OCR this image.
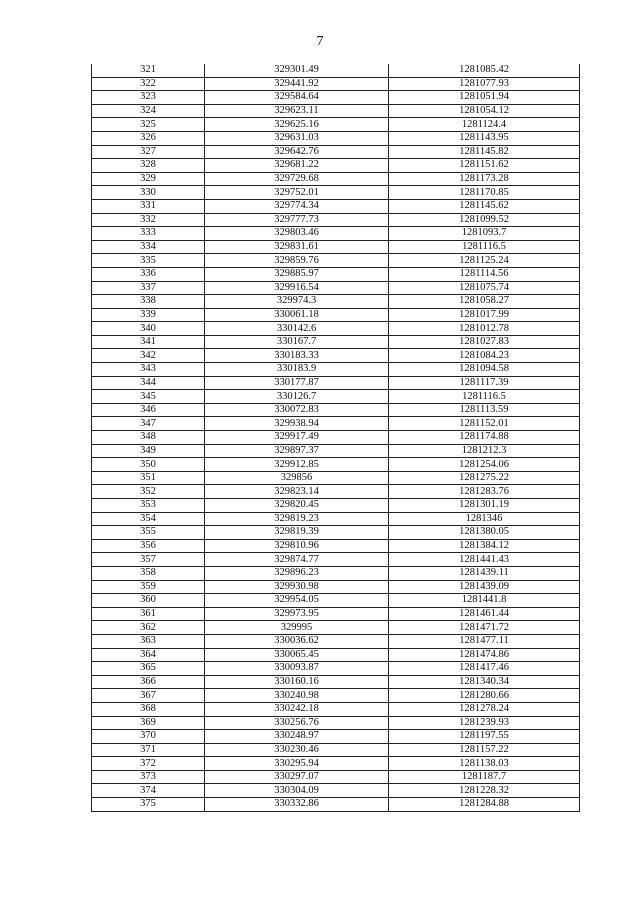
7
321	329301.49	1281085.42
322	329441.92	1281077.93
323	329584.64	1281051.94
324	329623.11	1281054.12
325	329625.16	1281124.4
326	329631.03	1281143.95
327	329642.76	1281145.82
328	329681.22	1281151.62
329	329729.68	1281173.28
330	329752.01	1281170.85
331	329774.34	1281145.62
332	329777.73	1281099.52
333	329803.46	1281093.7
334	329831.61	1281116.5
335	329859.76	1281125.24
336	329885.97	1281114.56
337	329916.54	1281075.74
338	329974.3	1281058.27
339	330061.18	1281017.99
340	330142.6	1281012.78
341	330167.7	1281027.83
342	330183.33	1281084.23
343	330183.9	1281094.58
344	330177.87	1281117.39
345	330126.7	1281116.5
346	330072.83	1281113.59
347	329938.94	1281152.01
348	329917.49	1281174.88
349	329897.37	1281212.3
350	329912.85	1281254.06
351	329856	1281275.22
352	329823.14	1281283.76
353	329820.45	1281301.19
354	329819.23	1281346
355	329819.39	1281380.05
356	329810.96	1281384.12
357	329874.77	1281441.43
358	329896.23	1281439.11
359	329930.98	1281439.09
360	329954.05	1281441.8
361	329973.95	1281461.44
362	329995	1281471.72
363	330036.62	1281477.11
364	330065.45	1281474.86
365	330093.87	1281417.46
366	330160.16	1281340.34
367	330240.98	1281280.66
368	330242.18	1281278.24
369	330256.76	1281239.93
370	330248.97	1281197.55
371	330230.46	1281157.22
372	330295.94	1281138.03
373	330297.07	1281187.7
374	330304.09	1281228.32
375	330332.86	1281284.88
